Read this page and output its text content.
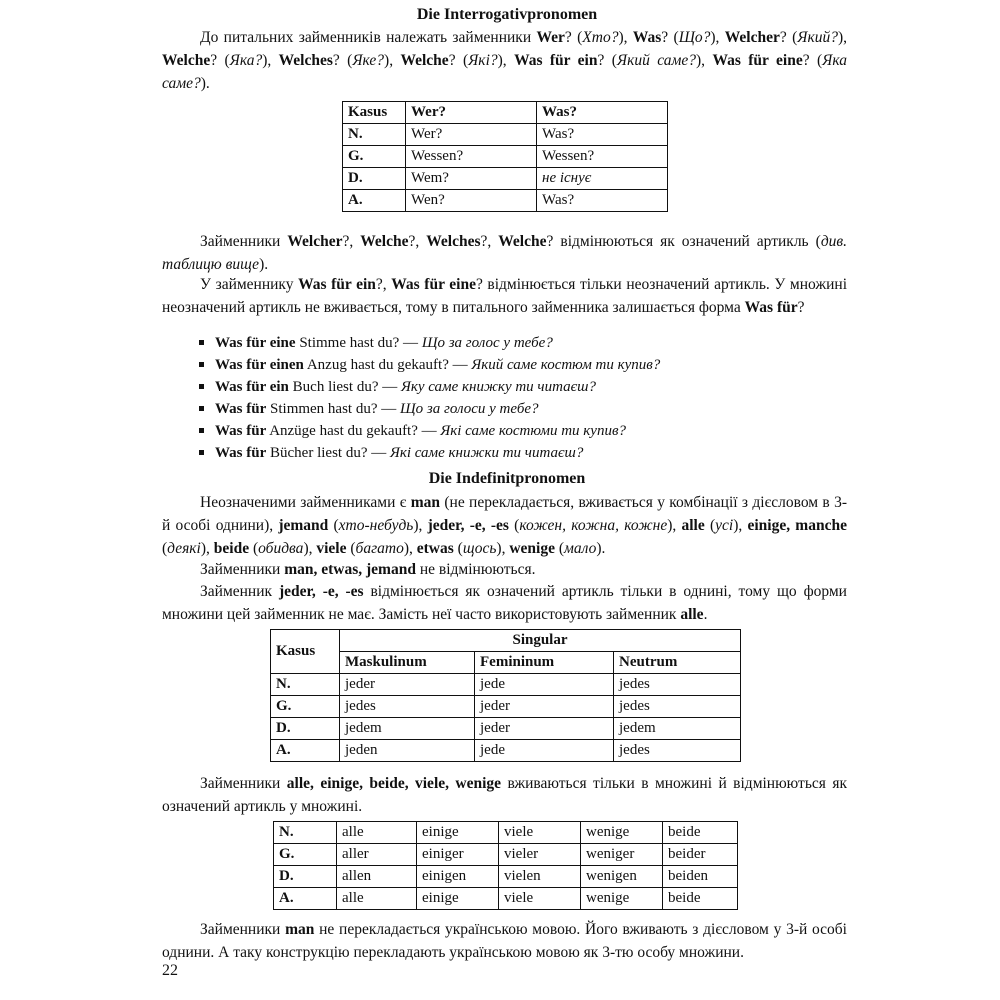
Die Interrogativpronomen
До питальних займенників належать займенники Wer? (Хто?), Was? (Що?), Welcher? (Який?), Welche? (Яка?), Welches? (Яке?), Welche? (Які?), Was für ein? (Який саме?), Was für eine? (Яка саме?).
Kasus	Wer?	Was?
N.	Wer?	Was?
G.	Wessen?	Wessen?
D.	Wem?	не існує
A.	Wen?	Was?
Займенники Welcher?, Welche?, Welches?, Welche? відмінюються як означений артикль (див. таблицю вище).
У займеннику Was für ein?, Was für eine? відмінюється тільки неозначений артикль. У множині неозначений артикль не вживається, тому в питального займенника залишається форма Was für?
Was für eine Stimme hast du? — Що за голос у тебе?
Was für einen Anzug hast du gekauft? — Який саме костюм ти купив?
Was für ein Buch liest du? — Яку саме книжку ти читаєш?
Was für Stimmen hast du? — Що за голоси у тебе?
Was für Anzüge hast du gekauft? — Які саме костюми ти купив?
Was für Bücher liest du? — Які саме книжки ти читаєш?
Die Indefinitpronomen
Неозначеними займенниками є man (не перекладається, вживається у комбінації з дієсловом в 3-й особі однини), jemand (хто-небудь), jeder, -e, -es (кожен, кожна, кожне), alle (усі), einige, manche (деякі), beide (обидва), viele (багато), etwas (щось), wenige (мало).
Займенники man, etwas, jemand не відмінюються.
Займенник jeder, -e, -es відмінюється як означений артикль тільки в однині, тому що форми множини цей займенник не має. Замість неї часто використовують займенник alle.
Kasus	Singular		
	Maskulinum	Femininum	Neutrum
N.	jeder	jede	jedes
G.	jedes	jeder	jedes
D.	jedem	jeder	jedem
A.	jeden	jede	jedes
Займенники alle, einige, beide, viele, wenige вживаються тільки в множині й відмінюються як означений артикль у множині.
N.	alle	einige	viele	wenige	beide
G.	aller	einiger	vieler	weniger	beider
D.	allen	einigen	vielen	wenigen	beiden
A.	alle	einige	viele	wenige	beide
Займенники man не перекладається українською мовою. Його вживають з дієсловом у 3-й особі однини. А таку конструкцію перекладають українською мовою як 3-тю особу множини.
22
